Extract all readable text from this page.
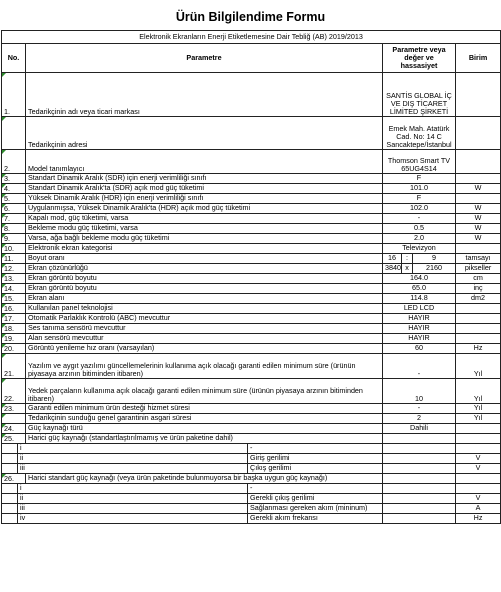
Ürün Bilgilendime Formu
Elektronik Ekranların Enerji Etiketlemesine Dair Tebliğ (AB) 2019/2013							
No.		Parametre		Parametre veya değer ve hassasiyet			Birim
1.		Tedarikçinin adı veya ticari markası		SANTİS GLOBAL İÇ VE DIŞ TİCARET LİMİTED ŞİRKETİ			
		Tedarikçinin adresi		Emek Mah. Atatürk Cad. No: 14 C Sancaktepe/İstanbul			
2.		Model tanımlayıcı		Thomson Smart TV 65UG4S14			
3.		Standart Dinamik Aralık (SDR) için enerji verimliliği sınıfı		F			
4.		Standart Dinamik Aralık'ta (SDR) açık mod güç tüketimi		101.0			W
5.		Yüksek Dinamik Aralık (HDR) için enerji verimliliği sınıfı		F			
6.		Uygulanmışsa, Yüksek Dinamik Aralık'ta (HDR) açık mod güç tüketimi		102.0			W
7.		Kapalı mod, güç tüketimi, varsa		-			W
8.		Bekleme modu güç tüketimi, varsa		0.5			W
9.		Varsa, ağa bağlı bekleme modu güç tüketimi		2.0			W
10.		Elektronik ekran kategorisi		Televizyon			
11.		Boyut oranı		16	:	9	tamsayı
12.		Ekran çözünürlüğü		3840	x	2160	pikseller
13.		Ekran görüntü boyutu		164.0			cm
14.		Ekran görüntü boyutu		65.0			inç
15.		Ekran alanı		114.8			dm2
16.		Kullanılan panel teknolojisi		LED LCD			
17.		Otomatik Parlaklık Kontrolü (ABC) mevcuttur		HAYIR			
18.		Ses tanıma sensörü mevcuttur		HAYIR			
19.		Alan sensörü mevcuttur		HAYIR			
20.		Görüntü yenileme hız oranı (varsayılan)		60			Hz
21.		Yazılım ve aygıt yazılımı güncellemelerinin kullanıma açık olacağı garanti edilen minimum süre (ürünün piyasaya arzının bitiminden itibaren)		-			Yıl
22.		Yedek parçaların kullanıma açık olacağı garanti edilen minimum süre (ürünün piyasaya arzının bitiminden itibaren)		10			Yıl
23.		Garanti edilen minimum ürün desteği hizmet süresi		-			Yıl
		Tedarikçinin sunduğu genel garantinin asgari süresi		2			Yıl
24.		Güç kaynağı türü		Dahili			
25.		Harici güç kaynağı (standartlaştırılmamış ve ürün paketine dahil)					
	i		-				
	ii		Giriş gerilimi				V
	iii		Çıkış gerilimi				V
26.		Harici standart güç kaynağı (veya ürün paketinde bulunmuyorsa bir başka uygun güç kaynağı)					
	i		-				
	ii		Gerekli çıkış gerilimi				V
	iii		Sağlanması gereken akım (mininum)				A
	iv		Gerekli akım frekansı				Hz
